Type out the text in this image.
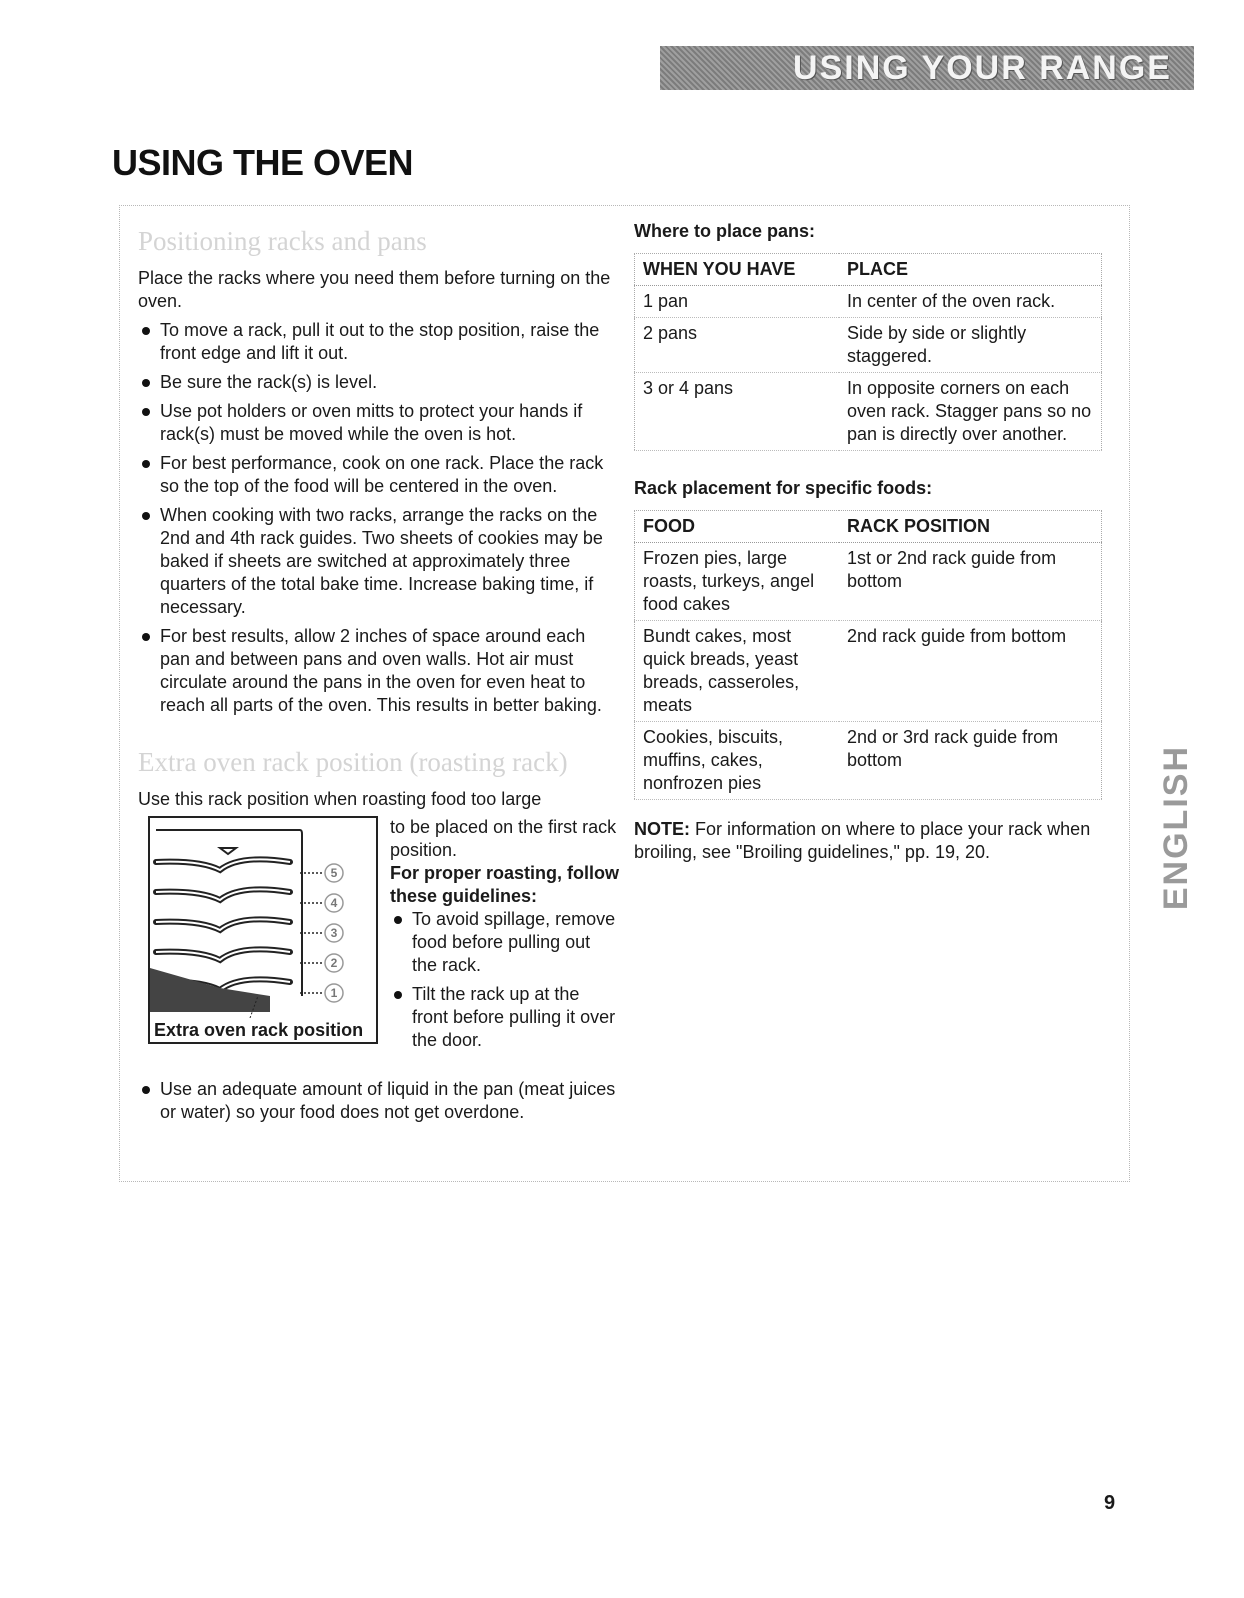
USING YOUR RANGE
USING THE OVEN
Positioning racks and pans

Place the racks where you need them before turning on the oven.

To move a rack, pull it out to the stop position, raise the front edge and lift it out.
Be sure the rack(s) is level.
Use pot holders or oven mitts to protect your hands if rack(s) must be moved while the oven is hot.
For best performance, cook on one rack. Place the rack so the top of the food will be centered in the oven.
When cooking with two racks, arrange the racks on the 2nd and 4th rack guides. Two sheets of cookies may be baked if sheets are switched at approximately three quarters of the total bake time. Increase baking time, if necessary.
For best results, allow 2 inches of space around each pan and between pans and oven walls. Hot air must circulate around the pans in the oven for even heat to reach all parts of the oven. This results in better baking.
Extra oven rack position (roasting rack)

Use this rack position when roasting food too large

5
4
3
2
1
Extra oven rack position

to be placed on the first rack position.

For proper roasting, follow these guidelines:

To avoid spillage, remove food before pulling out the rack.
Tilt the rack up at the front before pulling it over the door.
Use an adequate amount of liquid in the pan (meat juices or water) so your food does not get overdone.

Where to place pans:

WHEN YOU HAVE	PLACE
1 pan	In center of the oven rack.
2 pans	Side by side or slightly staggered.
3 or 4 pans	In opposite corners on each oven rack. Stagger pans so no pan is directly over another.

Rack placement for specific foods:

FOOD	RACK POSITION
Frozen pies, large roasts, turkeys, angel food cakes	1st or 2nd rack guide from bottom
Bundt cakes, most quick breads, yeast breads, casseroles, meats	2nd rack guide from bottom
Cookies, biscuits, muffins, cakes, nonfrozen pies	2nd or 3rd rack guide from bottom

NOTE: For information on where to place your rack when broiling, see "Broiling guidelines," pp. 19, 20.	ENGLISH
9
